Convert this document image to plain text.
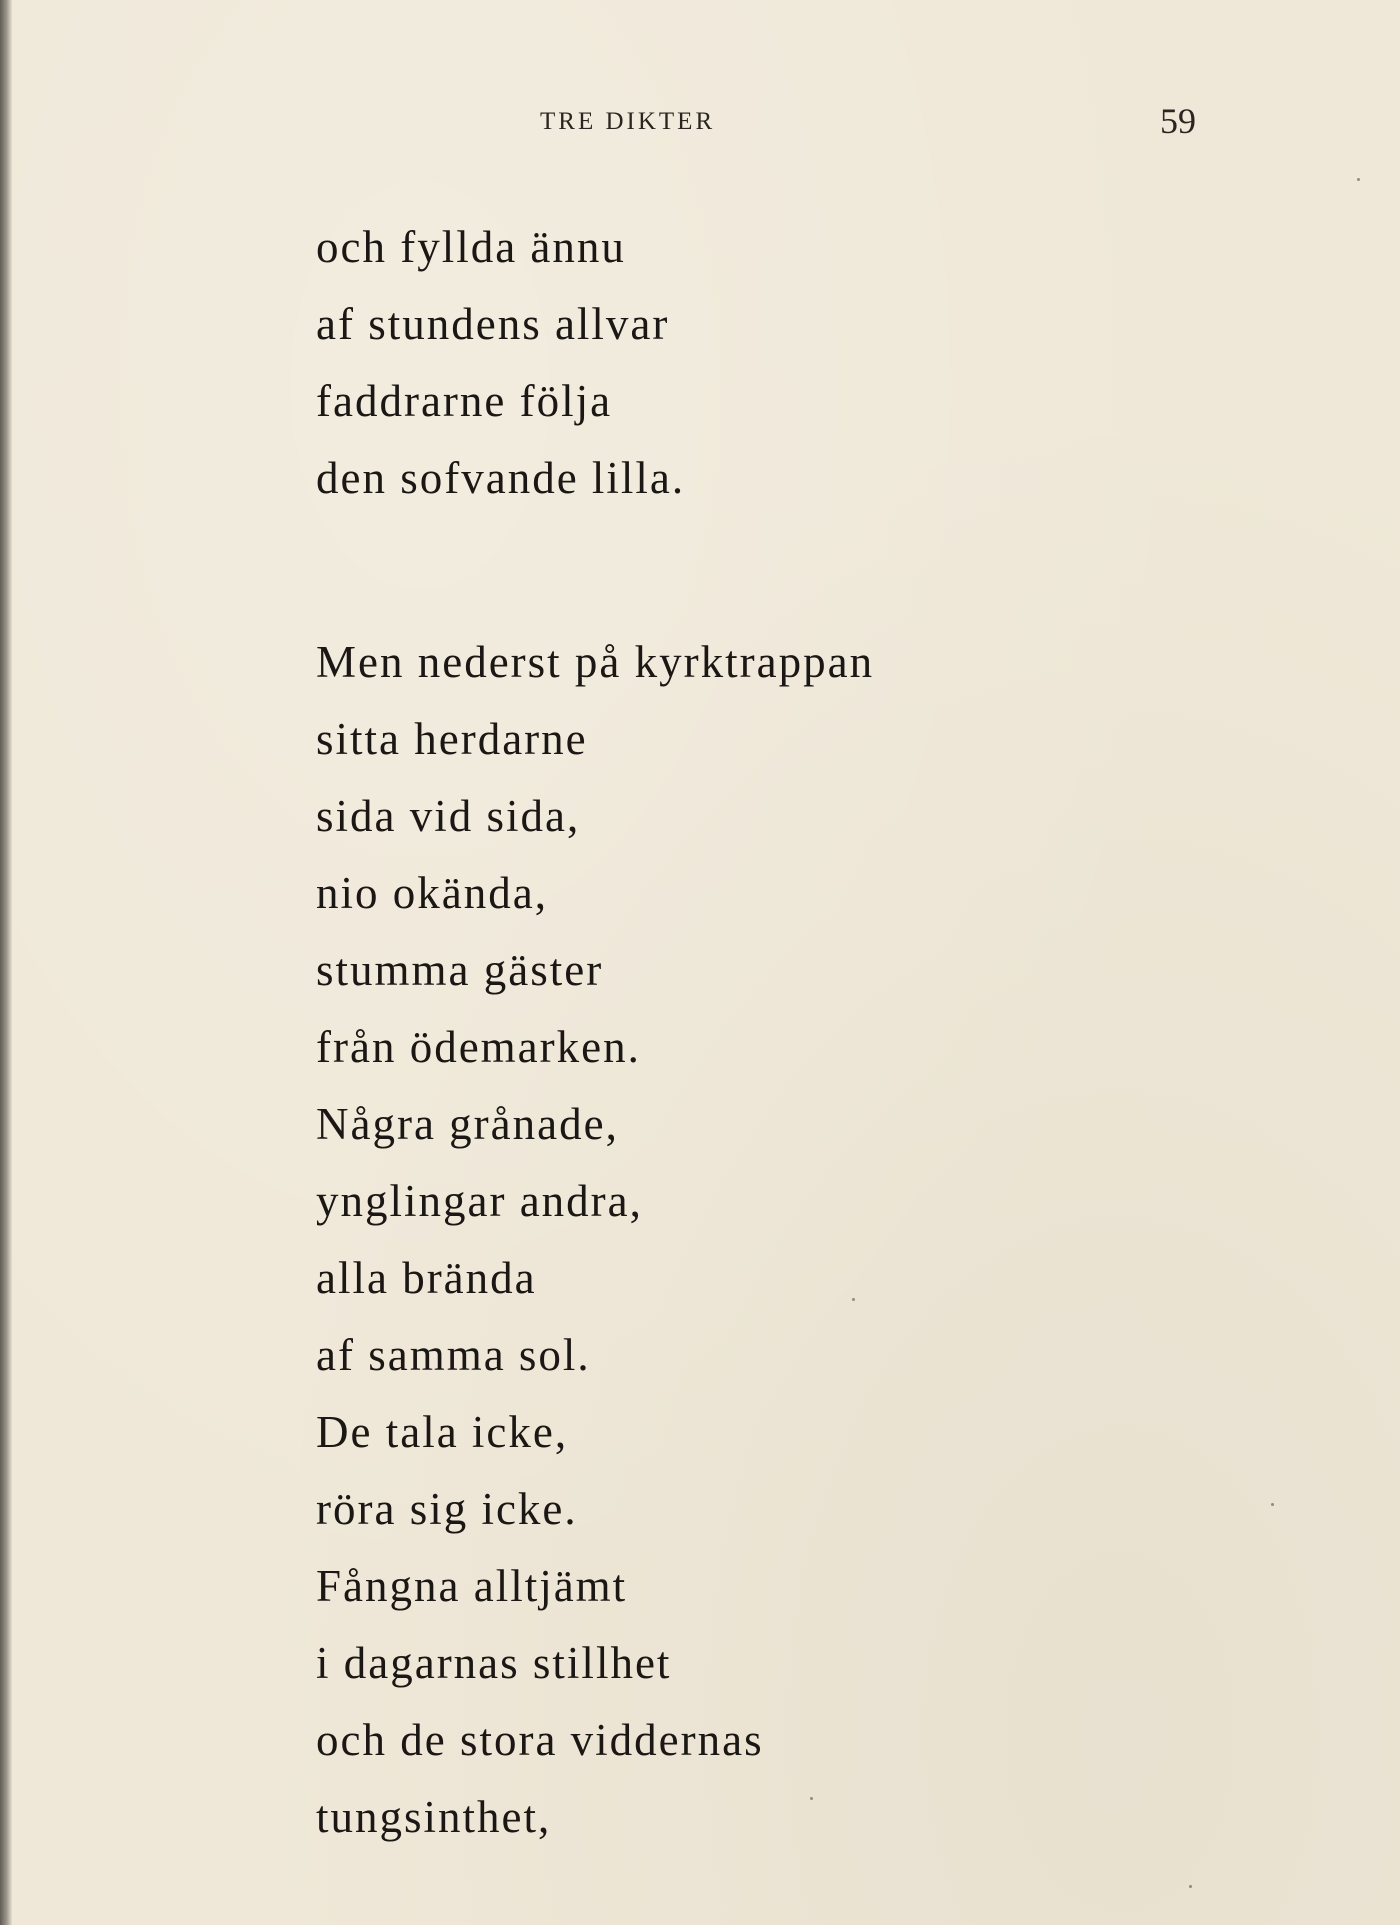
TRE DIKTER	59
och fyllda ännu
af stundens allvar
faddrarne följa
den sofvande lilla.
Men nederst på kyrktrappan
sitta herdarne
sida vid sida,
nio okända,
stumma gäster
från ödemarken.
Några grånade,
ynglingar andra,
alla brända
af samma sol.
De tala icke,
röra sig icke.
Fångna alltjämt
i dagarnas stillhet
och de stora viddernas
tungsinthet,
